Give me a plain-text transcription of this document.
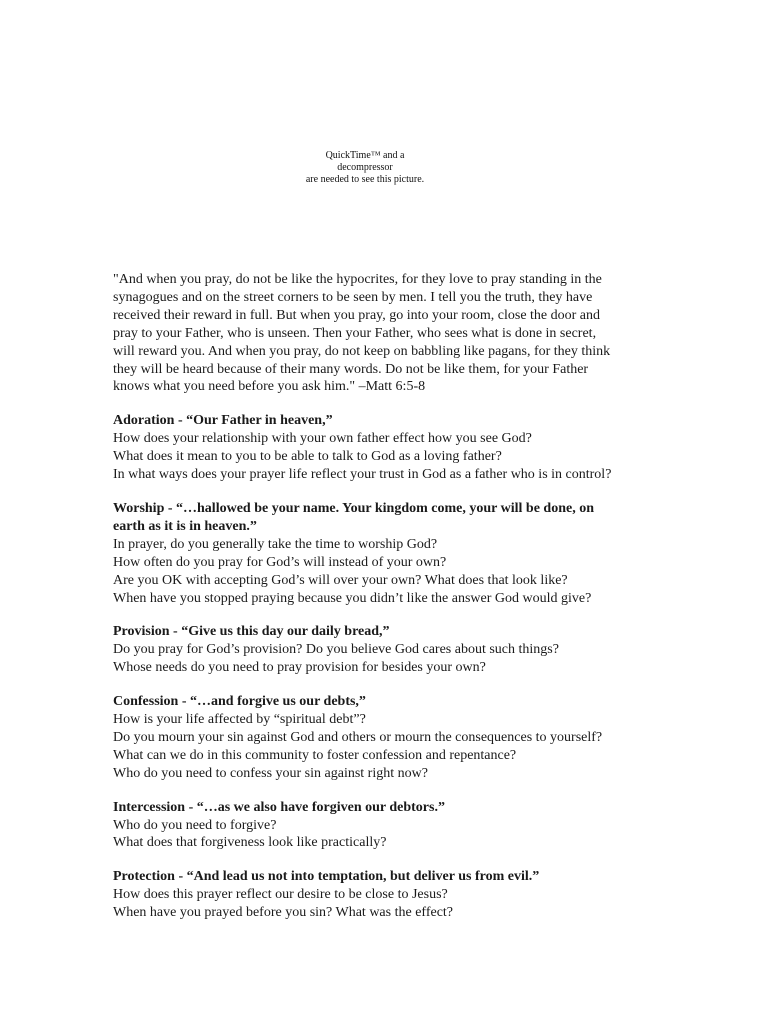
QuickTime™ and a
decompressor
are needed to see this picture.
"And when you pray, do not be like the hypocrites, for they love to pray standing in the
synagogues and on the street corners to be seen by men. I tell you the truth, they have
received their reward in full. But when you pray, go into your room, close the door and
pray to your Father, who is unseen. Then your Father, who sees what is done in secret,
will reward you. And when you pray, do not keep on babbling like pagans, for they think
they will be heard because of their many words. Do not be like them, for your Father
knows what you need before you ask him." –Matt 6:5-8
Adoration - “Our Father in heaven,”
How does your relationship with your own father effect how you see God?
What does it mean to you to be able to talk to God as a loving father?
In what ways does your prayer life reflect your trust in God as a father who is in control?
Worship - “…hallowed be your name. Your kingdom come, your will be done, on
earth as it is in heaven.”
In prayer, do you generally take the time to worship God?
How often do you pray for God’s will instead of your own?
Are you OK with accepting God’s will over your own? What does that look like?
When have you stopped praying because you didn’t like the answer God would give?
Provision - “Give us this day our daily bread,”
Do you pray for God’s provision? Do you believe God cares about such things?
Whose needs do you need to pray provision for besides your own?
Confession - “…and forgive us our debts,”
How is your life affected by “spiritual debt”?
Do you mourn your sin against God and others or mourn the consequences to yourself?
What can we do in this community to foster confession and repentance?
Who do you need to confess your sin against right now?
Intercession - “…as we also have forgiven our debtors.”
Who do you need to forgive?
What does that forgiveness look like practically?
Protection - “And lead us not into temptation, but deliver us from evil.”
How does this prayer reflect our desire to be close to Jesus?
When have you prayed before you sin? What was the effect?
